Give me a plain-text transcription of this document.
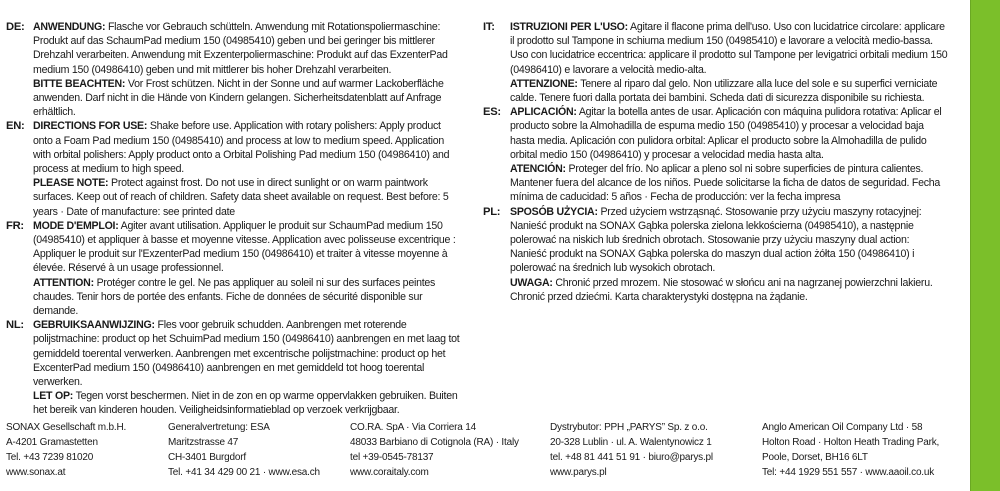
DE: ANWENDUNG: Flasche vor Gebrauch schütteln. Anwendung mit Rotationspoliermaschine: Produkt auf das SchaumPad medium 150 (04985410) geben und bei geringer bis mittlerer Drehzahl verarbeiten. Anwendung mit Exzenterpoliermaschine: Produkt auf das ExzenterPad medium 150 (04986410) geben und mit mittlerer bis hoher Drehzahl verarbeiten.

BITTE BEACHTEN: Vor Frost schützen. Nicht in der Sonne und auf warmer Lackoberfläche anwenden. Darf nicht in die Hände von Kindern gelangen. Sicherheitsdatenblatt auf Anfrage erhältlich.

EN: DIRECTIONS FOR USE: Shake before use. Application with rotary polishers: Apply product onto a Foam Pad medium 150 (04985410) and process at low to medium speed. Application with orbital polishers: Apply product onto a Orbital Polishing Pad medium 150 (04986410) and process at medium to high speed.

PLEASE NOTE: Protect against frost. Do not use in direct sunlight or on warm paintwork surfaces. Keep out of reach of children. Safety data sheet available on request. Best before: 5 years · Date of manufacture: see printed date

FR: MODE D'EMPLOI: Agiter avant utilisation. Appliquer le produit sur SchaumPad medium 150 (04985410) et appliquer à basse et moyenne vitesse. Application avec polisseuse excentrique : Appliquer le produit sur l'ExzenterPad medium 150 (04986410) et traiter à vitesse moyenne à élevée. Réservé à un usage professionnel.

ATTENTION: Protéger contre le gel. Ne pas appliquer au soleil ni sur des surfaces peintes chaudes. Tenir hors de portée des enfants. Fiche de données de sécurité disponible sur demande.

NL: GEBRUIKSAANWIJZING: Fles voor gebruik schudden. Aanbrengen met roterende polijstmachine: product op het SchuimPad medium 150 (04986410) aanbrengen en met laag tot gemiddeld toerental verwerken. Aanbrengen met excentrische polijstmachine: product op het ExcenterPad medium 150 (04986410) aanbrengen en met gemiddeld tot hoog toerental verwerken.

LET OP: Tegen vorst beschermen. Niet in de zon en op warme oppervlakken gebruiken. Buiten het bereik van kinderen houden. Veiligheidsinformatieblad op verzoek verkrijgbaar.

IT:	ISTRUZIONI PER L'USO: Agitare il flacone prima dell'uso. Uso con lucidatrice circolare: applicare il prodotto sul Tampone in schiuma medium 150 (04985410) e lavorare a velocità medio-bassa. Uso con lucidatrice eccentrica: applicare il prodotto sul Tampone per levigatrici orbitali medium 150 (04986410) e lavorare a velocità medio-alta.

ATTENZIONE: Tenere al riparo dal gelo. Non utilizzare alla luce del sole e su superfici verniciate calde. Tenere fuori dalla portata dei bambini. Scheda dati di sicurezza disponibile su richiesta.

ES: APLICACIÓN: Agitar la botella antes de usar. Aplicación con máquina pulidora rotativa: Aplicar el producto sobre la Almohadilla de espuma medio 150 (04985410) y procesar a velocidad baja hasta media. Aplicación con pulidora orbital: Aplicar el producto sobre la Almohadilla de pulido orbital medio 150 (04986410) y procesar a velocidad media hasta alta.

ATENCIÓN: Proteger del frío. No aplicar a pleno sol ni sobre superficies de pintura calientes. Mantener fuera del alcance de los niños. Puede solicitarse la ficha de datos de seguridad. Fecha mínima de caducidad: 5 años · Fecha de producción: ver la fecha impresa

PL: SPOSÓB UŻYCIA: Przed użyciem wstrząsnąć. Stosowanie przy użyciu maszyny rotacyjnej: Nanieść produkt na SONAX Gąbka polerska zielona lekkościerna (04985410), a następnie polerować na niskich lub średnich obrotach. Stosowanie przy użyciu maszyny dual action: Nanieść produkt na SONAX Gąbka polerska do maszyn dual action żółta 150 (04986410) i polerować na średnich lub wysokich obrotach.

UWAGA: Chronić przed mrozem. Nie stosować w słońcu ani na nagrzanej powierzchni lakieru. Chronić przed dziećmi. Karta charakterystyki dostępna na żądanie.

SONAX Gesellschaft m.b.H.
A-4201 Gramastetten
Tel. +43 7239 81020
www.sonax.at
Generalvertretung: ESA
Maritzstrasse 47
CH-3401 Burgdorf
Tel. +41 34 429 00 21 · www.esa.ch
CO.RA. SpA · Via Corriera 14
48033 Barbiano di Cotignola (RA) · Italy
tel +39-0545-78137
www.coraitaly.com
Dystrybutor: PPH „PARYS” Sp. z o.o.
20-328 Lublin · ul. A. Walentynowicz 1
tel. +48 81 441 51 91 · biuro@parys.pl
www.parys.pl
Anglo American Oil Company Ltd · 58
Holton Road · Holton Heath Trading Park,
Poole, Dorset, BH16 6LT
Tel: +44 1929 551 557 · www.aaoil.co.uk
